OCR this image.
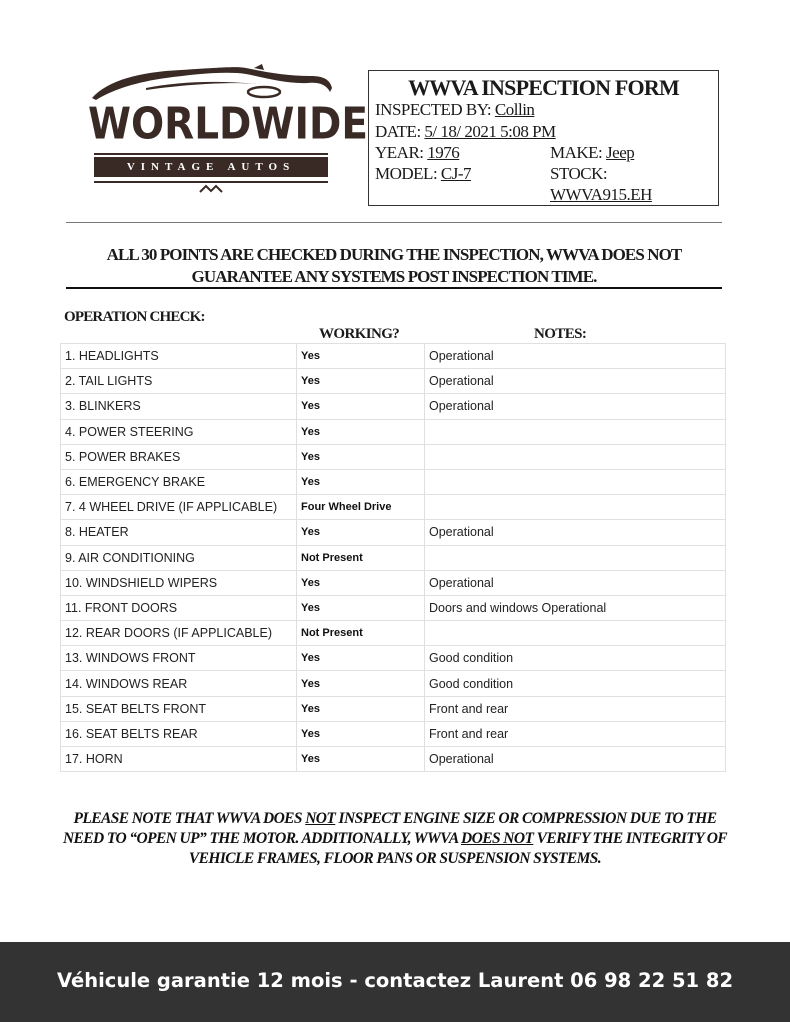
WORLDWIDE
VINTAGE AUTOS
WWVA INSPECTION FORM
INSPECTED BY: Collin
DATE: 5/ 18/ 2021 5:08 PM
YEAR: 1976	MAKE: Jeep
MODEL: CJ-7	STOCK:
WWVA915.EH
ALL 30 POINTS ARE CHECKED DURING THE INSPECTION, WWVA DOES NOT
GUARANTEE ANY SYSTEMS POST INSPECTION TIME.
OPERATION CHECK:
WORKING?	NOTES:
1. HEADLIGHTS	Yes	Operational
2. TAIL LIGHTS	Yes	Operational
3. BLINKERS	Yes	Operational
4. POWER STEERING	Yes	
5. POWER BRAKES	Yes	
6. EMERGENCY BRAKE	Yes	
7. 4 WHEEL DRIVE (IF APPLICABLE)	Four Wheel Drive	
8. HEATER	Yes	Operational
9. AIR CONDITIONING	Not Present	
10. WINDSHIELD WIPERS	Yes	Operational
11. FRONT DOORS	Yes	Doors and windows Operational
12. REAR DOORS (IF APPLICABLE)	Not Present	
13. WINDOWS FRONT	Yes	Good condition
14. WINDOWS REAR	Yes	Good condition
15. SEAT BELTS FRONT	Yes	Front and rear
16. SEAT BELTS REAR	Yes	Front and rear
17. HORN	Yes	Operational
PLEASE NOTE THAT WWVA DOES NOT INSPECT ENGINE SIZE OR COMPRESSION DUE TO THE NEED TO “OPEN UP” THE MOTOR. ADDITIONALLY, WWVA DOES NOT VERIFY THE INTEGRITY OF VEHICLE FRAMES, FLOOR PANS OR SUSPENSION SYSTEMS.
Véhicule garantie 12 mois - contactez Laurent 06 98 22 51 82
